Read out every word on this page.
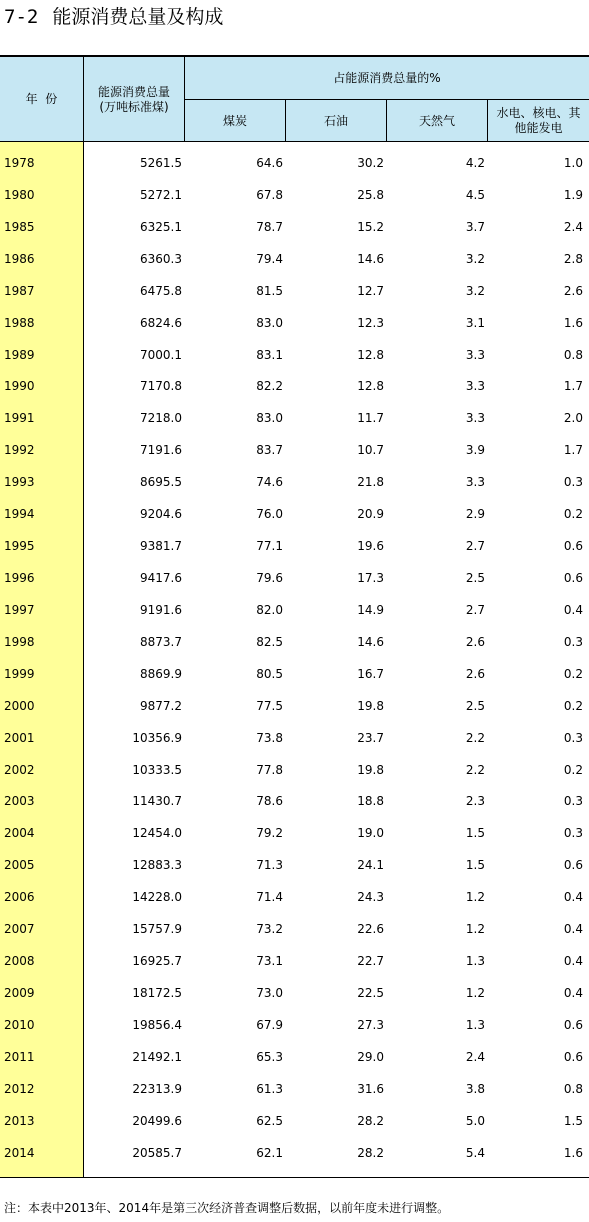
7-2 能源消费总量及构成
年  份	能源消费总量
(万吨标准煤)
占能源消费总量的%
煤炭	石油	天然气
水电、核电、其
他能发电
1978	5261.5	64.6	30.2	4.2	1.0
1980	5272.1	67.8	25.8	4.5	1.9
1985	6325.1	78.7	15.2	3.7	2.4
1986	6360.3	79.4	14.6	3.2	2.8
1987	6475.8	81.5	12.7	3.2	2.6
1988	6824.6	83.0	12.3	3.1	1.6
1989	7000.1	83.1	12.8	3.3	0.8
1990	7170.8	82.2	12.8	3.3	1.7
1991	7218.0	83.0	11.7	3.3	2.0
1992	7191.6	83.7	10.7	3.9	1.7
1993	8695.5	74.6	21.8	3.3	0.3
1994	9204.6	76.0	20.9	2.9	0.2
1995	9381.7	77.1	19.6	2.7	0.6
1996	9417.6	79.6	17.3	2.5	0.6
1997	9191.6	82.0	14.9	2.7	0.4
1998	8873.7	82.5	14.6	2.6	0.3
1999	8869.9	80.5	16.7	2.6	0.2
2000	9877.2	77.5	19.8	2.5	0.2
2001	10356.9	73.8	23.7	2.2	0.3
2002	10333.5	77.8	19.8	2.2	0.2
2003	11430.7	78.6	18.8	2.3	0.3
2004	12454.0	79.2	19.0	1.5	0.3
2005	12883.3	71.3	24.1	1.5	0.6
2006	14228.0	71.4	24.3	1.2	0.4
2007	15757.9	73.2	22.6	1.2	0.4
2008	16925.7	73.1	22.7	1.3	0.4
2009	18172.5	73.0	22.5	1.2	0.4
2010	19856.4	67.9	27.3	1.3	0.6
2011	21492.1	65.3	29.0	2.4	0.6
2012	22313.9	61.3	31.6	3.8	0.8
2013	20499.6	62.5	28.2	5.0	1.5
2014	20585.7	62.1	28.2	5.4	1.6
注：本表中2013年、2014年是第三次经济普查调整后数据，以前年度未进行调整。
